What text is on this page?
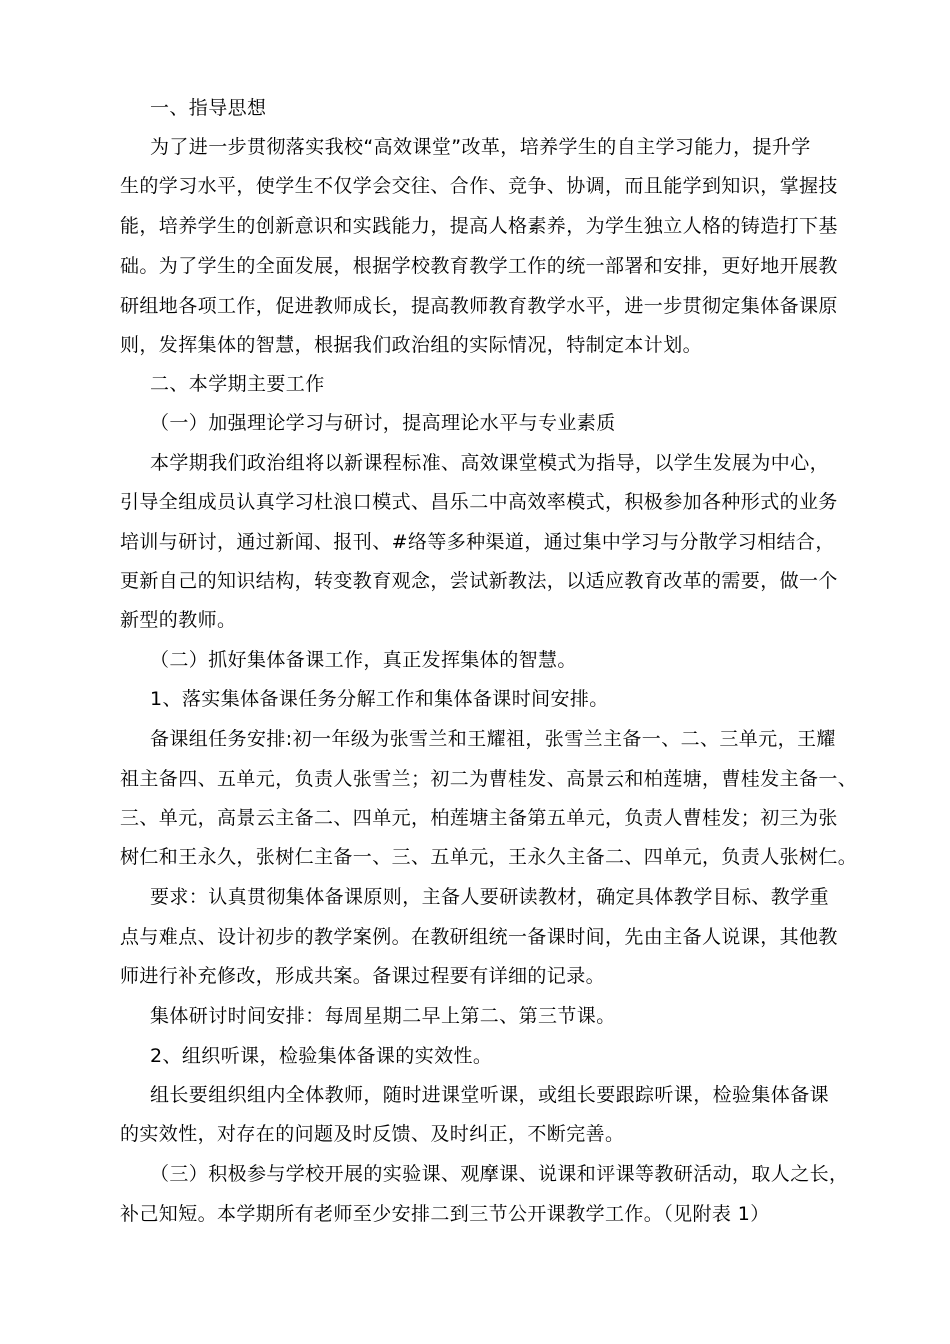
一、指导思想
为了进一步贯彻落实我校“高效课堂”改革，培养学生的自主学习能力，提升学
生的学习水平，使学生不仅学会交往、合作、竞争、协调，而且能学到知识，掌握技
能，培养学生的创新意识和实践能力，提高人格素养，为学生独立人格的铸造打下基
础。为了学生的全面发展，根据学校教育教学工作的统一部署和安排，更好地开展教
研组地各项工作，促进教师成长，提高教师教育教学水平，进一步贯彻定集体备课原
则，发挥集体的智慧，根据我们政治组的实际情况，特制定本计划。
二、本学期主要工作
（一）加强理论学习与研讨，提高理论水平与专业素质
本学期我们政治组将以新课程标准、高效课堂模式为指导，以学生发展为中心，
引导全组成员认真学习杜浪口模式、昌乐二中高效率模式，积极参加各种形式的业务
培训与研讨，通过新闻、报刊、#络等多种渠道，通过集中学习与分散学习相结合，
更新自己的知识结构，转变教育观念，尝试新教法，以适应教育改革的需要，做一个
新型的教师。
（二）抓好集体备课工作，真正发挥集体的智慧。
1、落实集体备课任务分解工作和集体备课时间安排。
备课组任务安排:初一年级为张雪兰和王耀祖，张雪兰主备一、二、三单元，王耀
祖主备四、五单元，负责人张雪兰；初二为曹桂发、高景云和柏莲塘，曹桂发主备一、
三、单元，高景云主备二、四单元，柏莲塘主备第五单元，负责人曹桂发；初三为张
树仁和王永久，张树仁主备一、三、五单元，王永久主备二、四单元，负责人张树仁。
要求：认真贯彻集体备课原则，主备人要研读教材，确定具体教学目标、教学重
点与难点、设计初步的教学案例。在教研组统一备课时间，先由主备人说课，其他教
师进行补充修改，形成共案。备课过程要有详细的记录。
集体研讨时间安排：每周星期二早上第二、第三节课。
2、组织听课，检验集体备课的实效性。
组长要组织组内全体教师，随时进课堂听课，或组长要跟踪听课，检验集体备课
的实效性，对存在的问题及时反馈、及时纠正，不断完善。
（三）积极参与学校开展的实验课、观摩课、说课和评课等教研活动，取人之长，
补己知短。本学期所有老师至少安排二到三节公开课教学工作。（见附表 1）
